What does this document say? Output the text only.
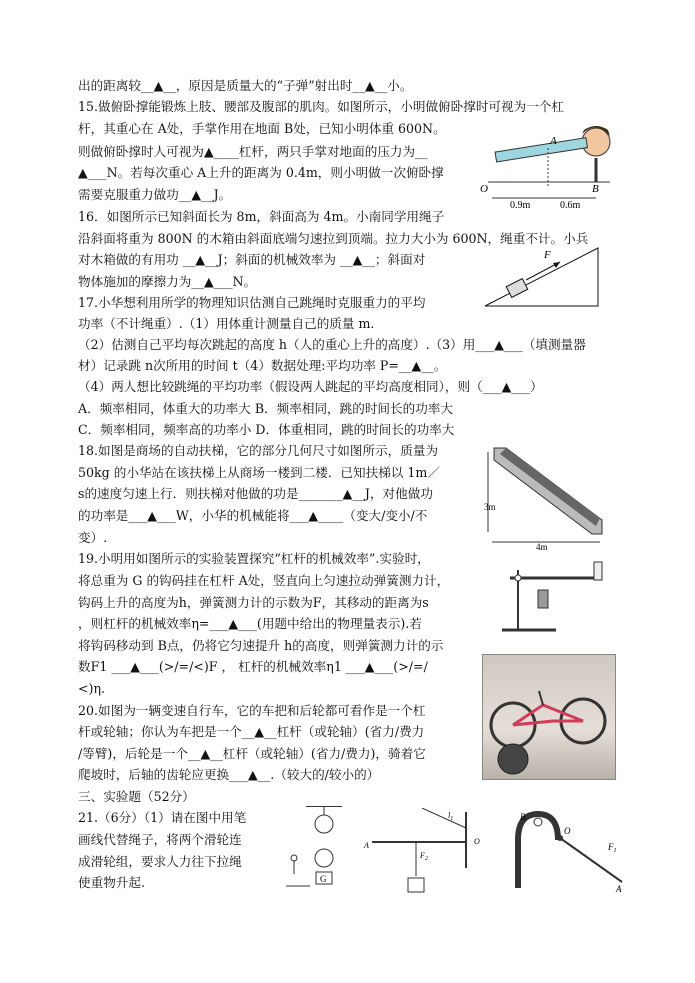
出的距离较__▲__，原因是质量大的“子弹”射出时__▲__小。
15.做俯卧撑能锻炼上肢、腰部及腹部的肌肉。如图所示，小明做俯卧撑时可视为一个杠
杆，其重心在 A处，手掌作用在地面 B处，已知小明体重 600N。
则做俯卧撑时人可视为▲____杠杆，两只手掌对地面的压力为__
▲___N。若每次重心 A上升的距离为 0.4m，则小明做一次俯卧撑
需要克服重力做功__▲__J。
16．如图所示已知斜面长为 8m，斜面高为 4m。小南同学用绳子
沿斜面将重为 800N 的木箱由斜面底端匀速拉到顶端。拉力大小为 600N，绳重不计。小兵
对木箱做的有用功 __▲__J；斜面的机械效率为 __▲__；斜面对
物体施加的摩擦力为__▲___N。
17.小华想利用所学的物理知识估测自己跳绳时克服重力的平均
功率（不计绳重）.（1）用体重计测量自己的质量 m.
（2）估测自己平均每次跳起的高度 h（人的重心上升的高度）.（3）用___▲___（填测量器
材）记录跳 n次所用的时间 t（4）数据处理:平均功率 P=__▲__。
（4）两人想比较跳绳的平均功率（假设两人跳起的平均高度相同），则（___▲___）
A．频率相同，体重大的功率大 B．频率相同，跳的时间长的功率大
C．频率相同，频率高的功率小 D．体重相同，跳的时间长的功率大
18.如图是商场的自动扶梯，它的部分几何尺寸如图所示，质量为
50kg 的小华站在该扶梯上从商场一楼到二楼．已知扶梯以 1m／
s的速度匀速上行．则扶梯对他做的功是_______▲__J，对他做功
的功率是___▲___W，小华的机械能将___▲____（变大/变小/不
变）.
19.小明用如图所示的实验装置探究“杠杆的机械效率”.实验时，
将总重为 G 的钩码挂在杠杆 A处，竖直向上匀速拉动弹簧测力计，
钩码上升的高度为h，弹簧测力计的示数为F，其移动的距离为s
，则杠杆的机械效率η=___▲___(用题中给出的物理量表示).若
将钩码移动到 B点，仍将它匀速提升 h的高度，则弹簧测力计的示
数F1 ___▲___(>/=/<)F ， 杠杆的机械效率η1 ___▲___(>/=/
<)η.
20.如图为一辆变速自行车，它的车把和后轮都可看作是一个杠
杆或轮轴；你认为车把是一个__▲__杠杆（或轮轴）(省力/费力
/等臂)，后轮是一个__▲__杠杆（或轮轴）(省力/费力)，骑着它
爬坡时，后轴的齿轮应更换___▲__.（较大的/较小的）
三、实验题（52分）
21.（6分）（1）请在图中用笔
画线代替绳子，将两个滑轮连
成滑轮组，要求人力往下拉绳
使重物升起.
A
O	B
0.9m	0.6m
F
3m
4m
G
$l_1$
A	O
$F_2$
B
O
A
$F_1$
